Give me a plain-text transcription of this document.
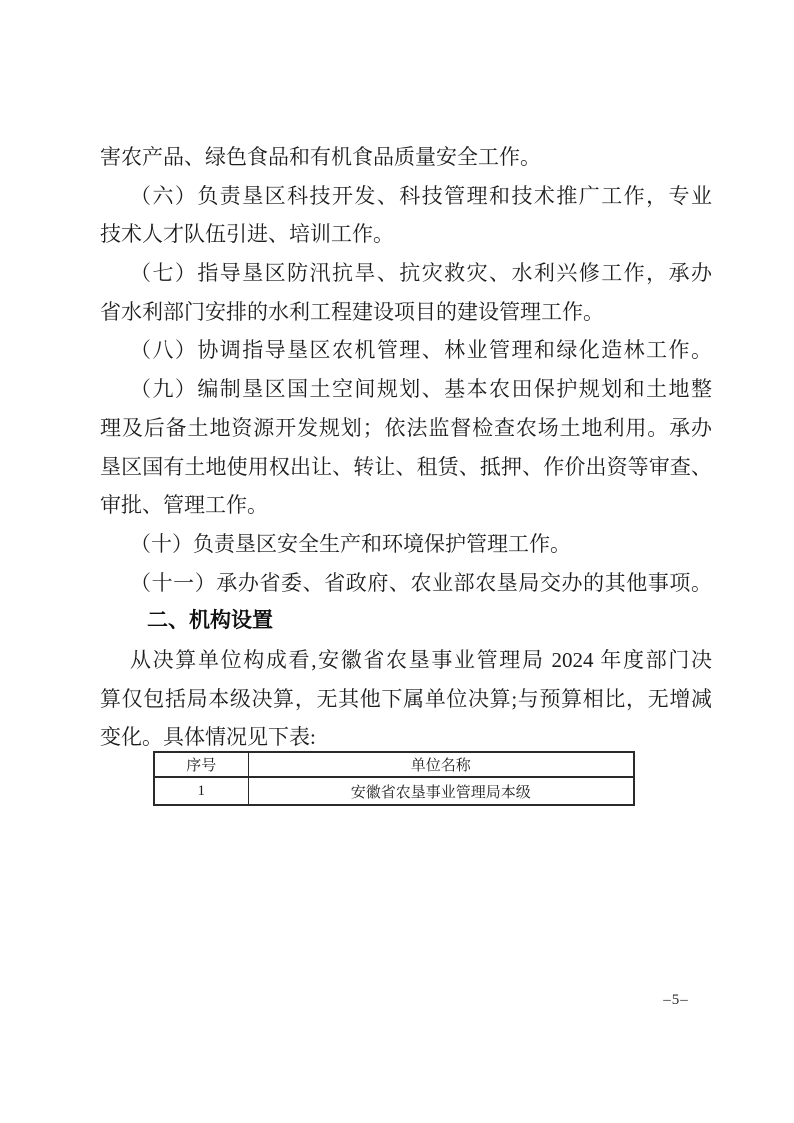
害农产品、绿色食品和有机食品质量安全工作。
（六）负责垦区科技开发、科技管理和技术推广工作，专业
技术人才队伍引进、培训工作。
（七）指导垦区防汛抗旱、抗灾救灾、水利兴修工作，承办
省水利部门安排的水利工程建设项目的建设管理工作。
（八）协调指导垦区农机管理、林业管理和绿化造林工作。
（九）编制垦区国土空间规划、基本农田保护规划和土地整
理及后备土地资源开发规划；依法监督检查农场土地利用。承办
垦区国有土地使用权出让、转让、租赁、抵押、作价出资等审查、
审批、管理工作。
（十）负责垦区安全生产和环境保护管理工作。
（十一）承办省委、省政府、农业部农垦局交办的其他事项。
二、机构设置
从决算单位构成看,安徽省农垦事业管理局 2024 年度部门决
算仅包括局本级决算，无其他下属单位决算;与预算相比，无增减
变化。具体情况见下表:
序号	单位名称
1	安徽省农垦事业管理局本级
–5–
